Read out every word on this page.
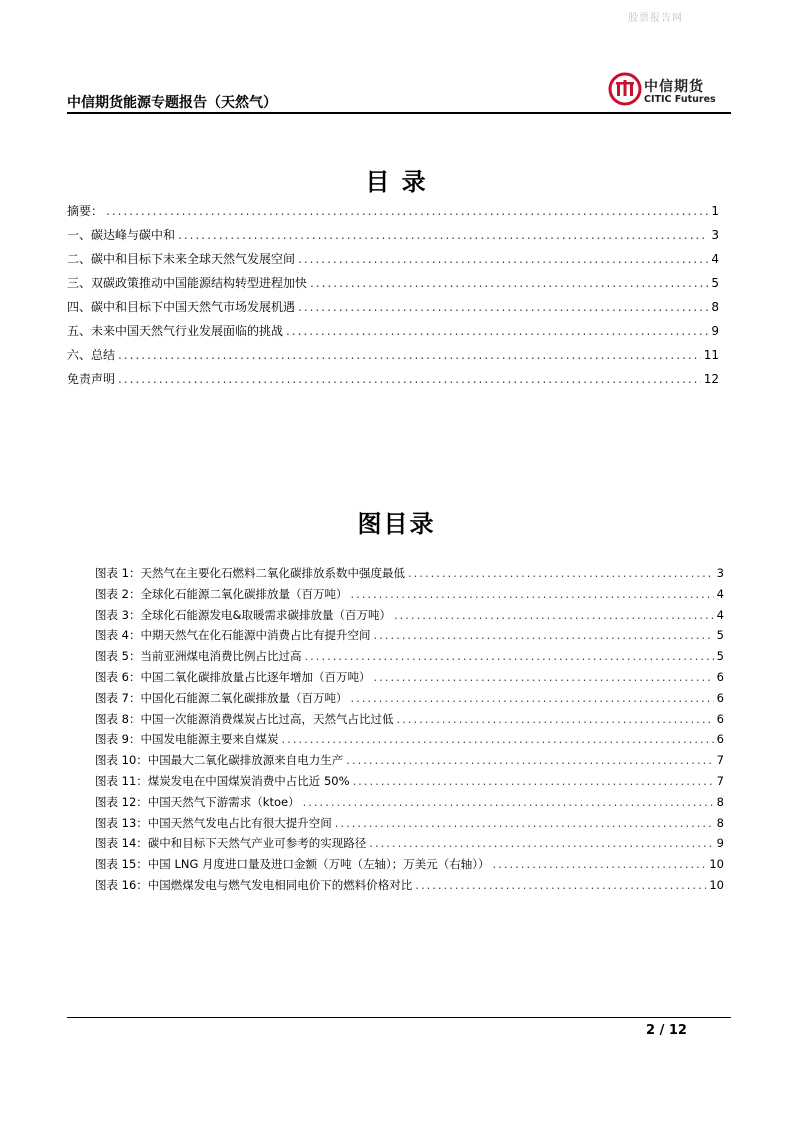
股票报告网
中信期货能源专题报告（天然气）
中信期货
CITIC Futures
目 录
摘要： .....	1
一、碳达峰与碳中和 .....	3
二、碳中和目标下未来全球天然气发展空间 .....	4
三、双碳政策推动中国能源结构转型进程加快 .....	5
四、碳中和目标下中国天然气市场发展机遇 .....	8
五、未来中国天然气行业发展面临的挑战 .....	9
六、总结 .....	11
免责声明 .....	12
图目录
图表 1： 天然气在主要化石燃料二氧化碳排放系数中强度最低 .....	3
图表 2： 全球化石能源二氧化碳排放量（百万吨） .....	4
图表 3： 全球化石能源发电&取暖需求碳排放量（百万吨） .....	4
图表 4： 中期天然气在化石能源中消费占比有提升空间 .....	5
图表 5： 当前亚洲煤电消费比例占比过高 .....	5
图表 6： 中国二氧化碳排放量占比逐年增加（百万吨） .....	6
图表 7： 中国化石能源二氧化碳排放量（百万吨） .....	6
图表 8： 中国一次能源消费煤炭占比过高，天然气占比过低 .....	6
图表 9： 中国发电能源主要来自煤炭 .....	6
图表 10： 中国最大二氧化碳排放源来自电力生产 .....	7
图表 11： 煤炭发电在中国煤炭消费中占比近 50% .....	7
图表 12： 中国天然气下游需求（ktoe） .....	8
图表 13： 中国天然气发电占比有很大提升空间 .....	8
图表 14： 碳中和目标下天然气产业可参考的实现路径 .....	9
图表 15： 中国 LNG 月度进口量及进口金额（万吨（左轴）；万美元（右轴）） .....	10
图表 16： 中国燃煤发电与燃气发电相同电价下的燃料价格对比 .....	10
2 / 12
